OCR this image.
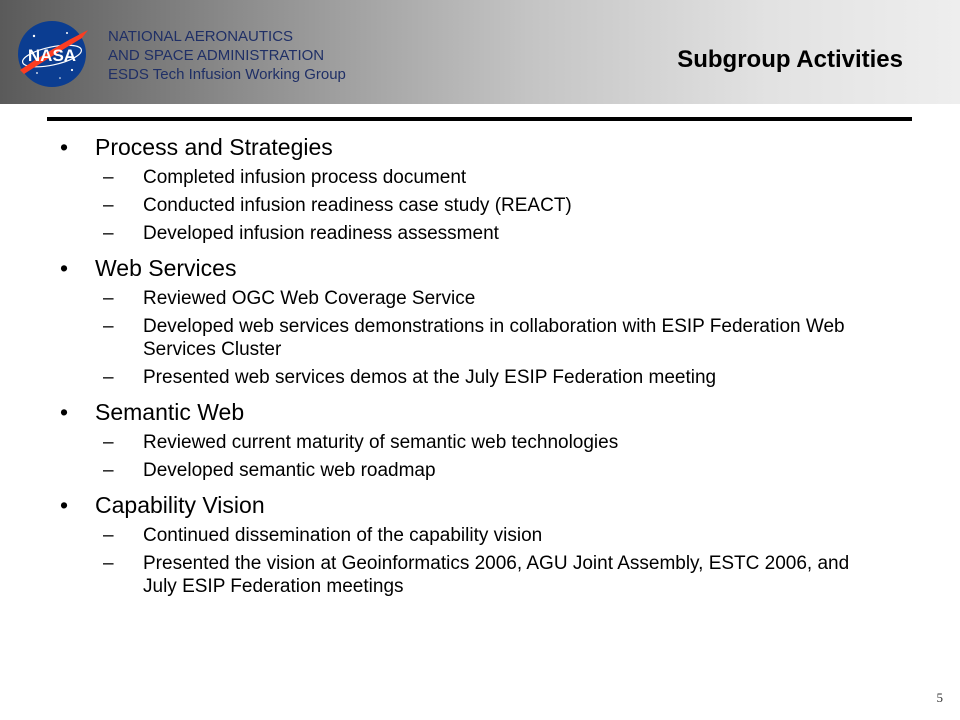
NASA
NATIONAL AERONAUTICS
AND SPACE ADMINISTRATION
ESDS Tech Infusion Working Group
Subgroup Activities
•	Process and Strategies
–	Completed infusion process document
–	Conducted infusion readiness case study (REACT)
–	Developed infusion readiness assessment
•	Web Services
–	Reviewed OGC Web Coverage Service
–	Developed web services demonstrations in collaboration with ESIP Federation Web Services Cluster
–	Presented web services demos at the July ESIP Federation meeting
•	Semantic Web
–	Reviewed current maturity of semantic web technologies
–	Developed semantic web roadmap
•	Capability Vision
–	Continued dissemination of the capability vision
–	Presented the vision at Geoinformatics 2006, AGU Joint Assembly, ESTC 2006, and July ESIP Federation meetings
5
